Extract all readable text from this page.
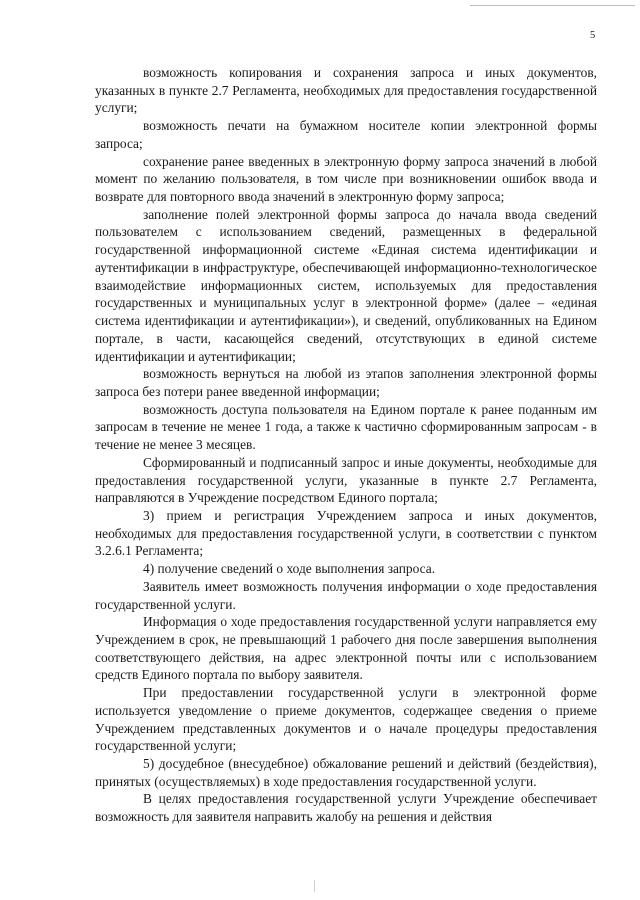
5

возможность копирования и сохранения запроса и иных документов, указанных в пункте 2.7 Регламента, необходимых для предоставления государственной услуги;

возможность печати на бумажном носителе копии электронной формы запроса;

сохранение ранее введенных в электронную форму запроса значений в любой момент по желанию пользователя, в том числе при возникновении ошибок ввода и возврате для повторного ввода значений в электронную форму запроса;

заполнение полей электронной формы запроса до начала ввода сведений пользователем с использованием сведений, размещенных в федеральной государственной информационной системе «Единая система идентификации и аутентификации в инфраструктуре, обеспечивающей информационно-технологическое взаимодействие информационных систем, используемых для предоставления государственных и муниципальных услуг в электронной форме» (далее – «единая система идентификации и аутентификации»), и сведений, опубликованных на Едином портале, в части, касающейся сведений, отсутствующих в единой системе идентификации и аутентификации;

возможность вернуться на любой из этапов заполнения электронной формы запроса без потери ранее введенной информации;

возможность доступа пользователя на Едином портале к ранее поданным им запросам в течение не менее 1 года, а также к частично сформированным запросам - в течение не менее 3 месяцев.

Сформированный и подписанный запрос и иные документы, необходимые для предоставления государственной услуги, указанные в пункте 2.7 Регламента, направляются в Учреждение посредством Единого портала;

3) прием и регистрация Учреждением запроса и иных документов, необходимых для предоставления государственной услуги, в соответствии с пунктом 3.2.6.1 Регламента;

4) получение сведений о ходе выполнения запроса.

Заявитель имеет возможность получения информации о ходе предоставления государственной услуги.

Информация о ходе предоставления государственной услуги направляется ему Учреждением в срок, не превышающий 1 рабочего дня после завершения выполнения соответствующего действия, на адрес электронной почты или с использованием средств Единого портала по выбору заявителя.

При предоставлении государственной услуги в электронной форме используется уведомление о приеме документов, содержащее сведения о приеме Учреждением представленных документов и о начале процедуры предоставления государственной услуги;

5) досудебное (внесудебное) обжалование решений и действий (бездействия), принятых (осуществляемых) в ходе предоставления государственной услуги.

В целях предоставления государственной услуги Учреждение обеспечивает возможность для заявителя направить жалобу на решения и действия
